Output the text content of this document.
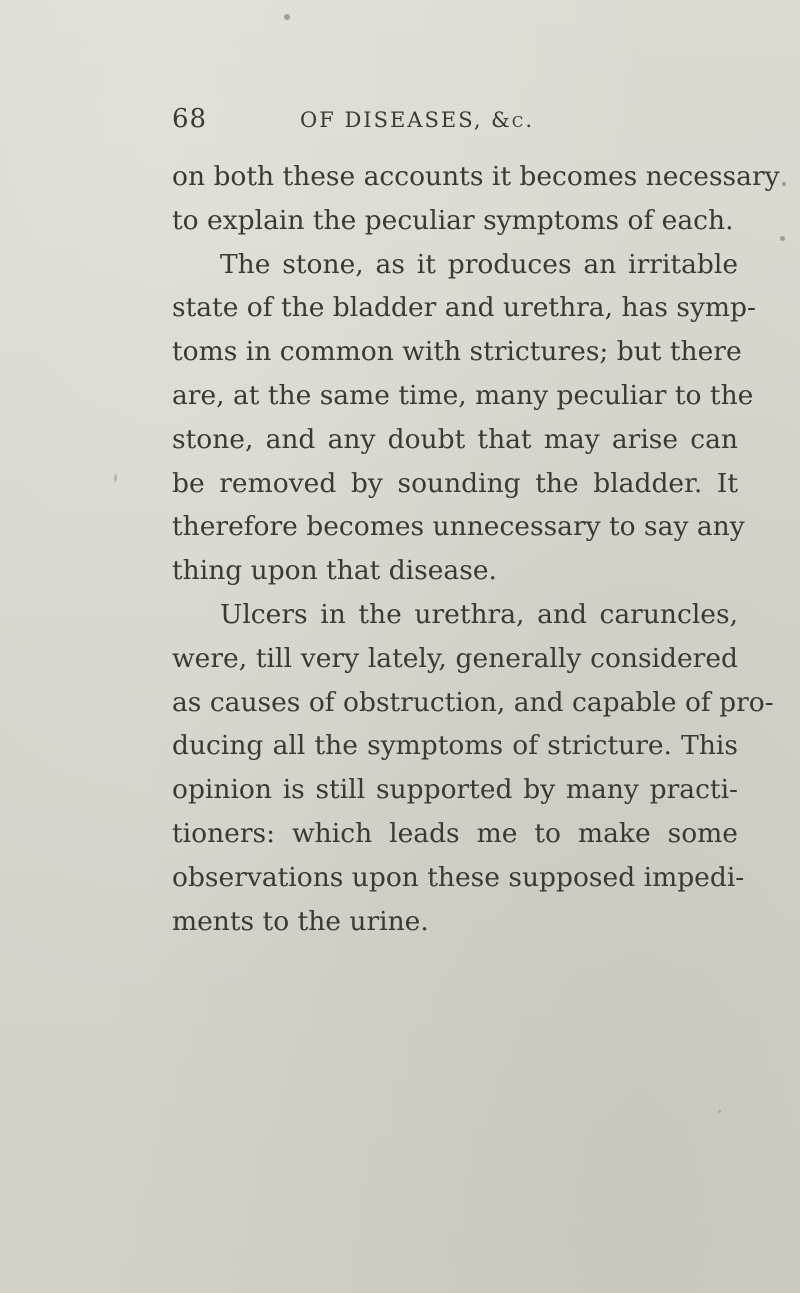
68	OF DISEASES, &c.
on both these accounts it becomes necessary
to explain the peculiar symptoms of each.
The stone, as it produces an irritable
state of the bladder and urethra, has symp-
toms in common with strictures; but there
are, at the same time, many peculiar to the
stone, and any doubt that may arise can
be removed by sounding the bladder. It
therefore becomes unnecessary to say any
thing upon that disease.
Ulcers in the urethra, and caruncles,
were, till very lately, generally considered
as causes of obstruction, and capable of pro-
ducing all the symptoms of stricture. This
opinion is still supported by many practi-
tioners: which leads me to make some
observations upon these supposed impedi-
ments to the urine.
